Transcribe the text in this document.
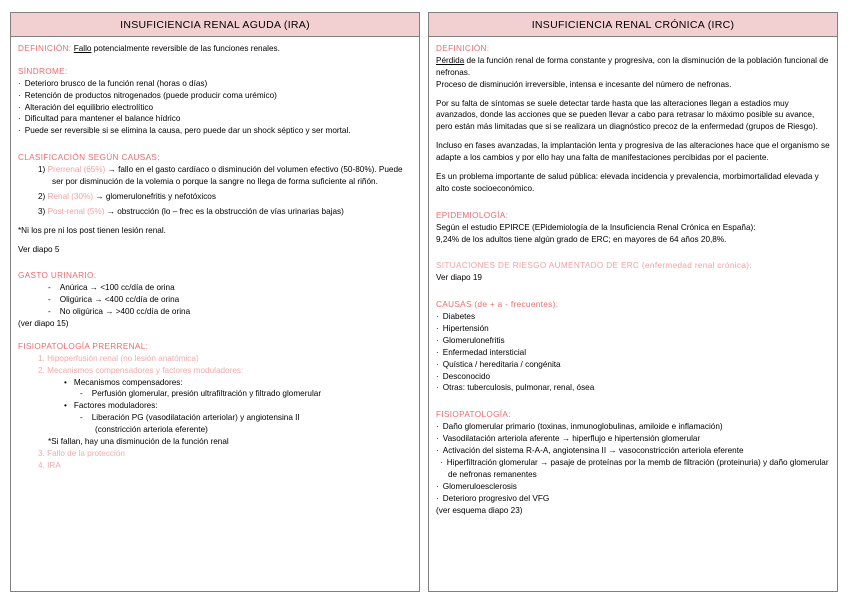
INSUFICIENCIA RENAL AGUDA (IRA)

DEFINICIÓN: Fallo potencialmente reversible de las funciones renales.

SÍNDROME:

· Deterioro brusco de la función renal (horas o días)

· Retención de productos nitrogenados (puede producir coma urémico)

· Alteración del equilibrio electrolítico

· Dificultad para mantener el balance hídrico

· Puede ser reversible si se elimina la causa, pero puede dar un shock séptico y ser mortal.

CLASIFICACIÓN SEGÚN CAUSAS:

1) Prerrenal (65%) → fallo en el gasto cardíaco o disminución del volumen efectivo (50-80%). Puede ser por disminución de la volemia o porque la sangre no llega de forma suficiente al riñón.

2) Renal (30%) → glomerulonefritis y nefotóxicos

3) Post-renal (5%) → obstrucción (lo – frec es la obstrucción de vías urinarias bajas)

*Ni los pre ni los post tienen lesión renal.

Ver diapo 5

GASTO URINARIO:

- Anúrica → <100 cc/día de orina

- Oligúrica → <400 cc/día de orina

- No oligúrica → >400 cc/día de orina

(ver diapo 15)

FISIOPATOLOGÍA PRERRENAL:

1. Hipoperfusión renal (no lesión anatómica)

2. Mecanismos compensadores y factores moduladores:

• Mecanismos compensadores:

- Perfusión glomerular, presión ultrafiltración y filtrado glomerular

• Factores moduladores:

- Liberación PG (vasodilatación arteriolar) y angiotensina II

(constricción arteriola eferente)

*Si fallan, hay una disminución de la función renal

3. Fallo de la protección

4. IRA

INSUFICIENCIA RENAL CRÓNICA (IRC)

DEFINICIÓN:

Pérdida de la función renal de forma constante y progresiva, con la disminución de la población funcional de nefronas.

Proceso de disminución irreversible, intensa e incesante del número de nefronas.

Por su falta de síntomas se suele detectar tarde hasta que las alteraciones llegan a estadios muy avanzados, donde las acciones que se pueden llevar a cabo para retrasar lo máximo posible su avance, pero están más limitadas que si se realizara un diagnóstico precoz de la enfermedad (grupos de Riesgo).

Incluso en fases avanzadas, la implantación lenta y progresiva de las alteraciones hace que el organismo se adapte a los cambios y por ello hay una falta de manifestaciones percibidas por el paciente.

Es un problema importante de salud pública: elevada incidencia y prevalencia, morbimortalidad elevada y alto coste socioeconómico.

EPIDEMIOLOGÍA:

Según el estudio EPIRCE (EPidemiología de la Insuficiencia Renal Crónica en España):

9,24% de los adultos tiene algún grado de ERC; en mayores de 64 años 20,8%.

SITUACIONES DE RIESGO AUMENTADO DE ERC (enfermedad renal crónica):

Ver diapo 19

CAUSAS (de + a - frecuentes):

· Diabetes

· Hipertensión

· Glomerulonefritis

· Enfermedad intersticial

· Quística / hereditaria / congénita

· Desconocido

· Otras: tuberculosis, pulmonar, renal, ósea

FISIOPATOLOGÍA:

· Daño glomerular primario (toxinas, inmunoglobulinas, amiloide e inflamación)

· Vasodilatación arteriola aferente → hiperflujo e hipertensión glomerular

· Activación del sistema R-A-A, angiotensina II → vasoconstricción arteriola eferente

· Hiperfiltración glomerular → pasaje de proteínas por la memb de filtración (proteinuria) y daño glomerular de nefronas remanentes

· Glomeruloesclerosis

· Deterioro progresivo del VFG

(ver esquema diapo 23)
